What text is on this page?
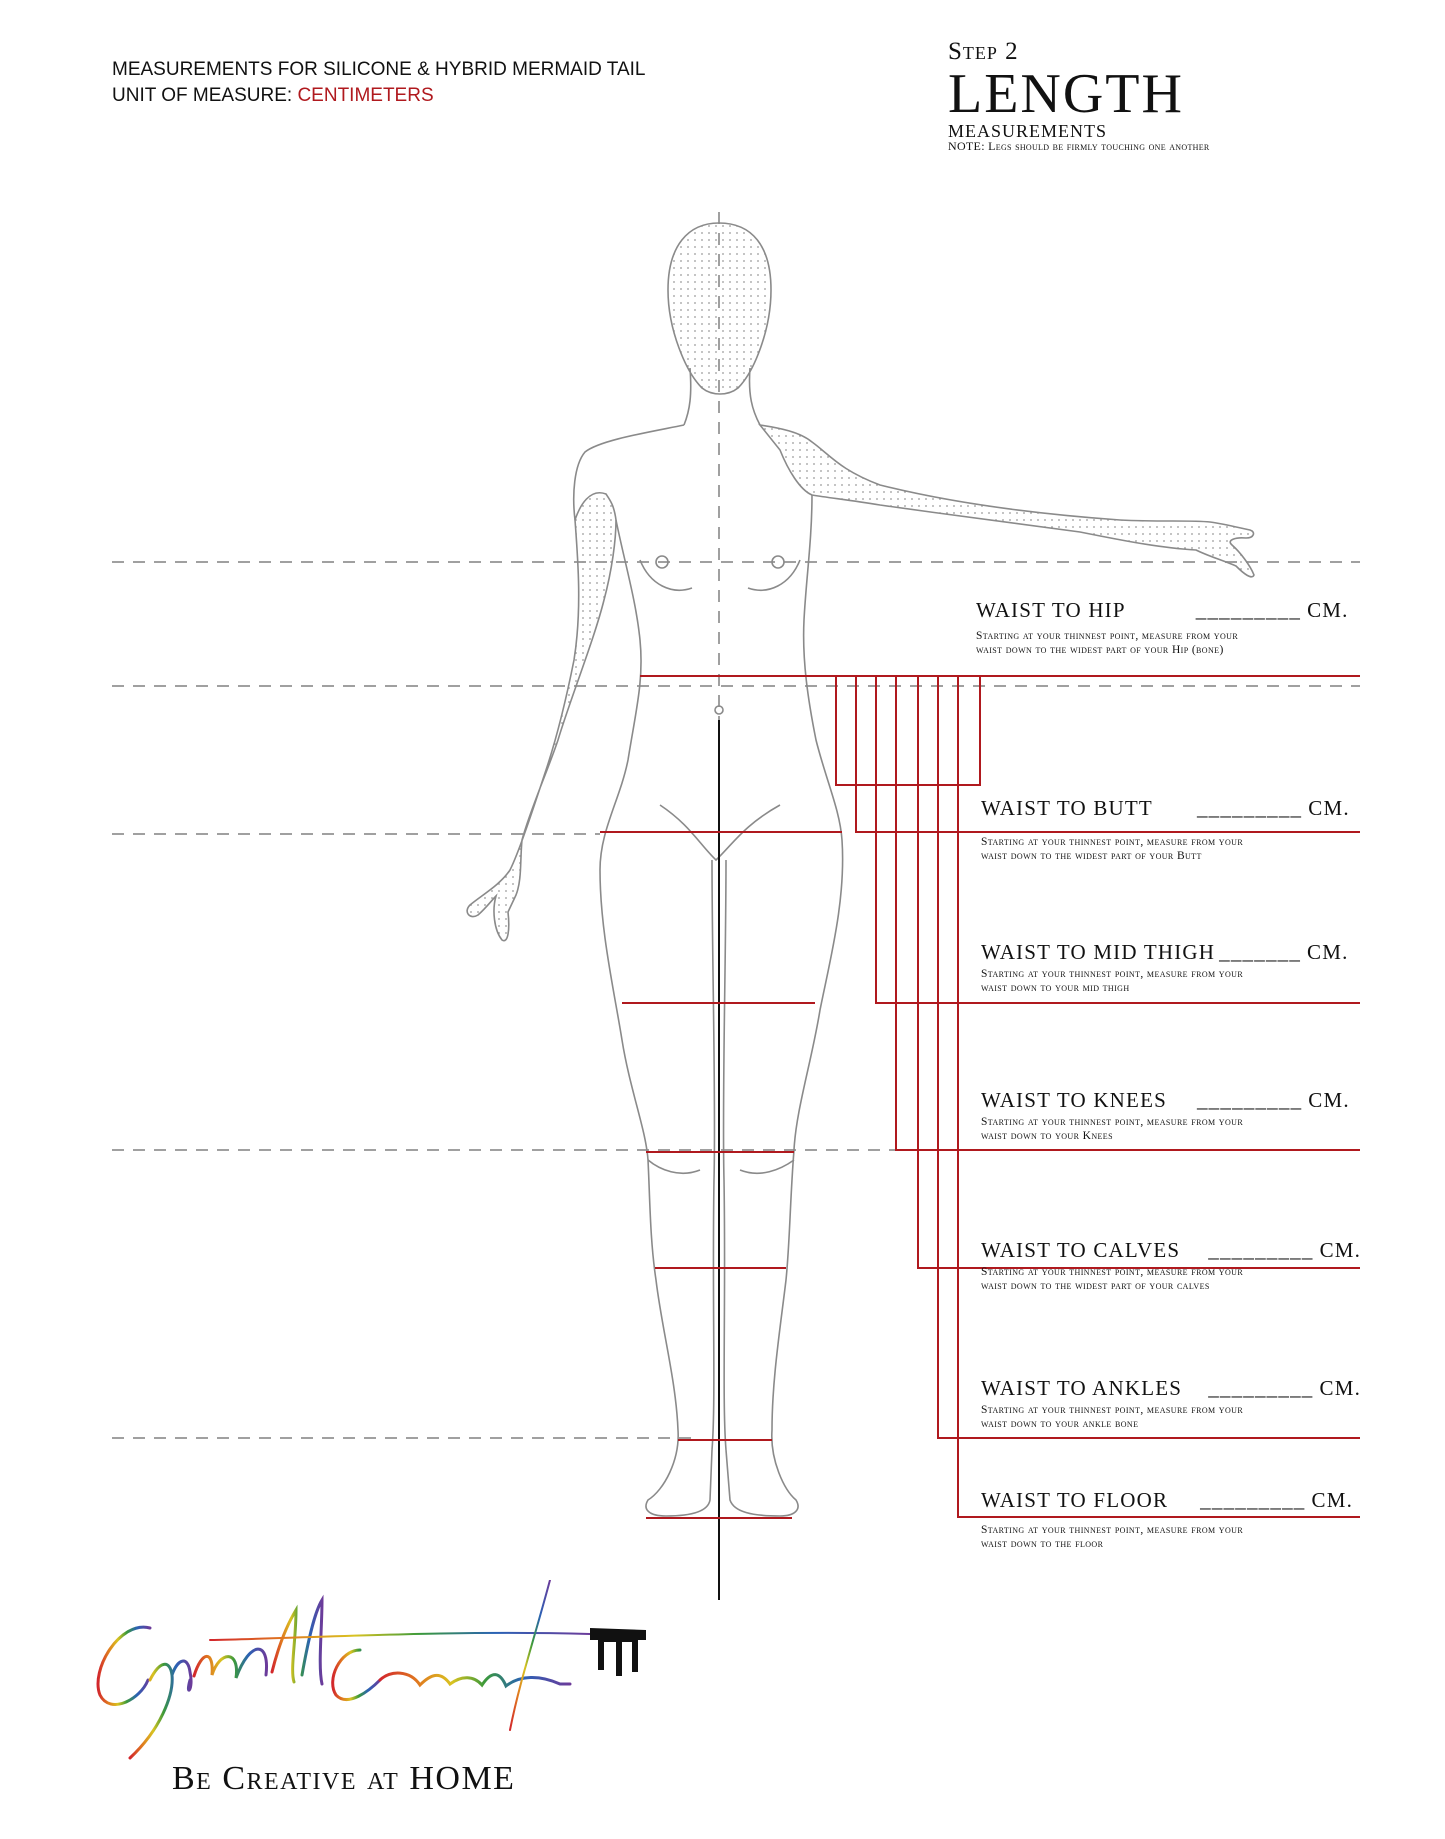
MEASUREMENTS FOR SILICONE & HYBRID MERMAID TAIL
UNIT OF MEASURE: CENTIMETERS
Step 2
LENGTH
MEASUREMENTS
NOTE: Legs should be firmly touching one another
WAIST TO HIP	_________ CM.
Starting at your thinnest point, measure from your
waist down to the widest part of your Hip (bone)
WAIST TO BUTT _________ CM.
Starting at your thinnest point, measure from your
waist down to the widest part of your Butt
WAIST TO MID THIGH _______ CM.
Starting at your thinnest point, measure from your
waist down to your mid thigh
WAIST TO KNEES _________ CM.
Starting at your thinnest point, measure from your
waist down to your Knees
WAIST TO CALVES _________ CM.
Starting at your thinnest point, measure from your
waist down to the widest part of your calves
WAIST TO ANKLES _________ CM.
Starting at your thinnest point, measure from your
waist down to your ankle bone
WAIST TO FLOOR _________ CM.
Starting at your thinnest point, measure from your
waist down to the floor
Be Creative at HOME
